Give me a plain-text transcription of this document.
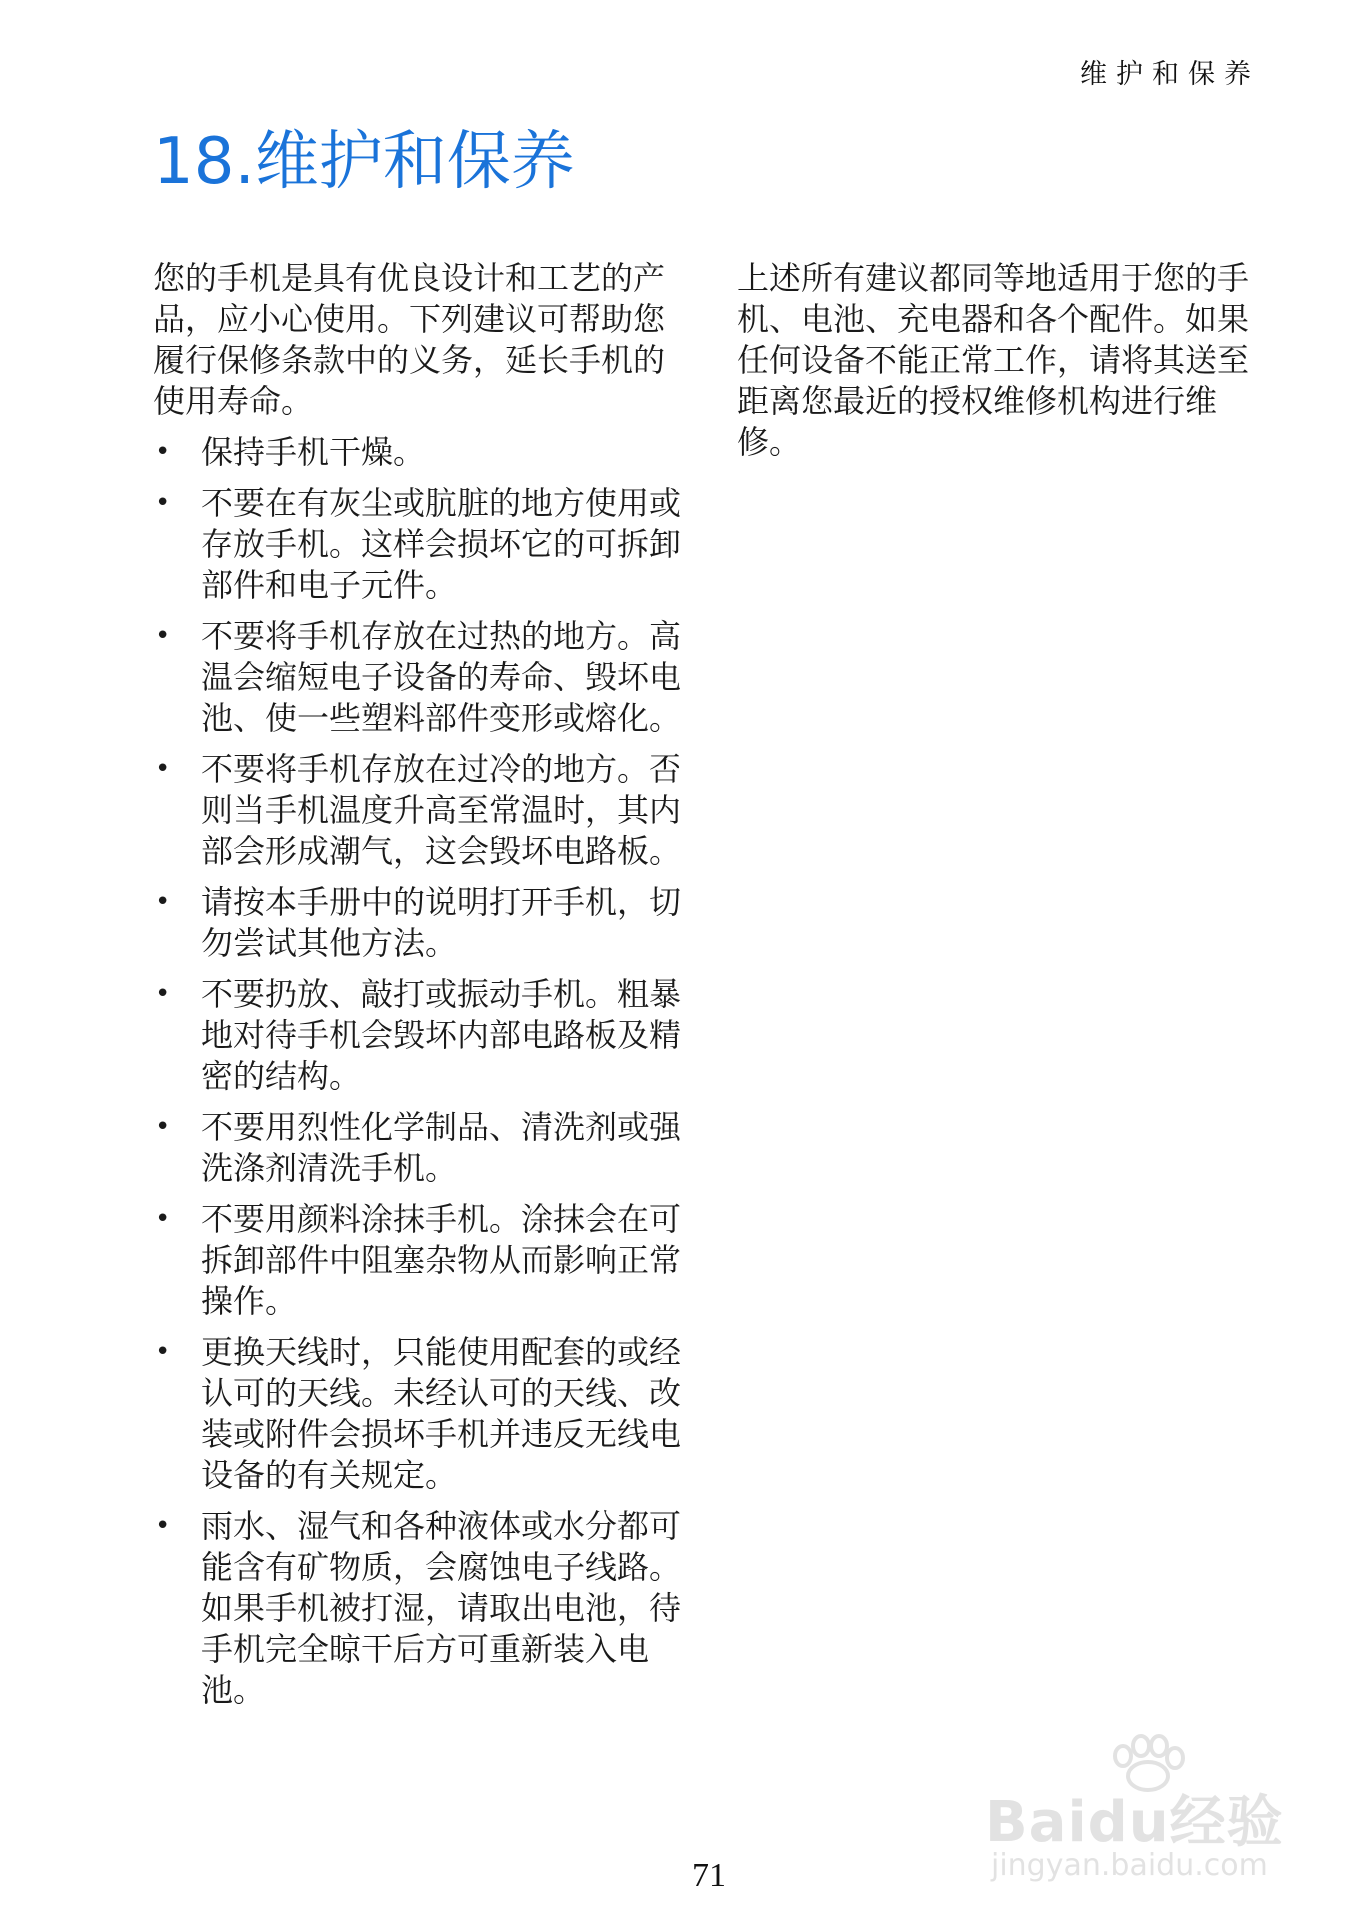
维护和保养
18.维护和保养

您的手机是具有优良设计和工艺的产品，应小心使用。下列建议可帮助您履行保修条款中的义务，延长手机的使用寿命。

• 保持手机干燥。
• 不要在有灰尘或肮脏的地方使用或存放手机。这样会损坏它的可拆卸部件和电子元件。
• 不要将手机存放在过热的地方。高温会缩短电子设备的寿命、毁坏电池、使一些塑料部件变形或熔化。
• 不要将手机存放在过冷的地方。否则当手机温度升高至常温时，其内部会形成潮气，这会毁坏电路板。
• 请按本手册中的说明打开手机，切勿尝试其他方法。
• 不要扔放、敲打或振动手机。粗暴地对待手机会毁坏内部电路板及精密的结构。
• 不要用烈性化学制品、清洗剂或强洗涤剂清洗手机。
• 不要用颜料涂抹手机。涂抹会在可拆卸部件中阻塞杂物从而影响正常操作。
• 更换天线时，只能使用配套的或经认可的天线。未经认可的天线、改装或附件会损坏手机并违反无线电设备的有关规定。
• 雨水、湿气和各种液体或水分都可能含有矿物质，会腐蚀电子线路。如果手机被打湿，请取出电池，待手机完全晾干后方可重新装入电池。

上述所有建议都同等地适用于您的手机、电池、充电器和各个配件。如果任何设备不能正常工作，请将其送至距离您最近的授权维修机构进行维修。

Baidu经验
jingyan.baidu.com
71
